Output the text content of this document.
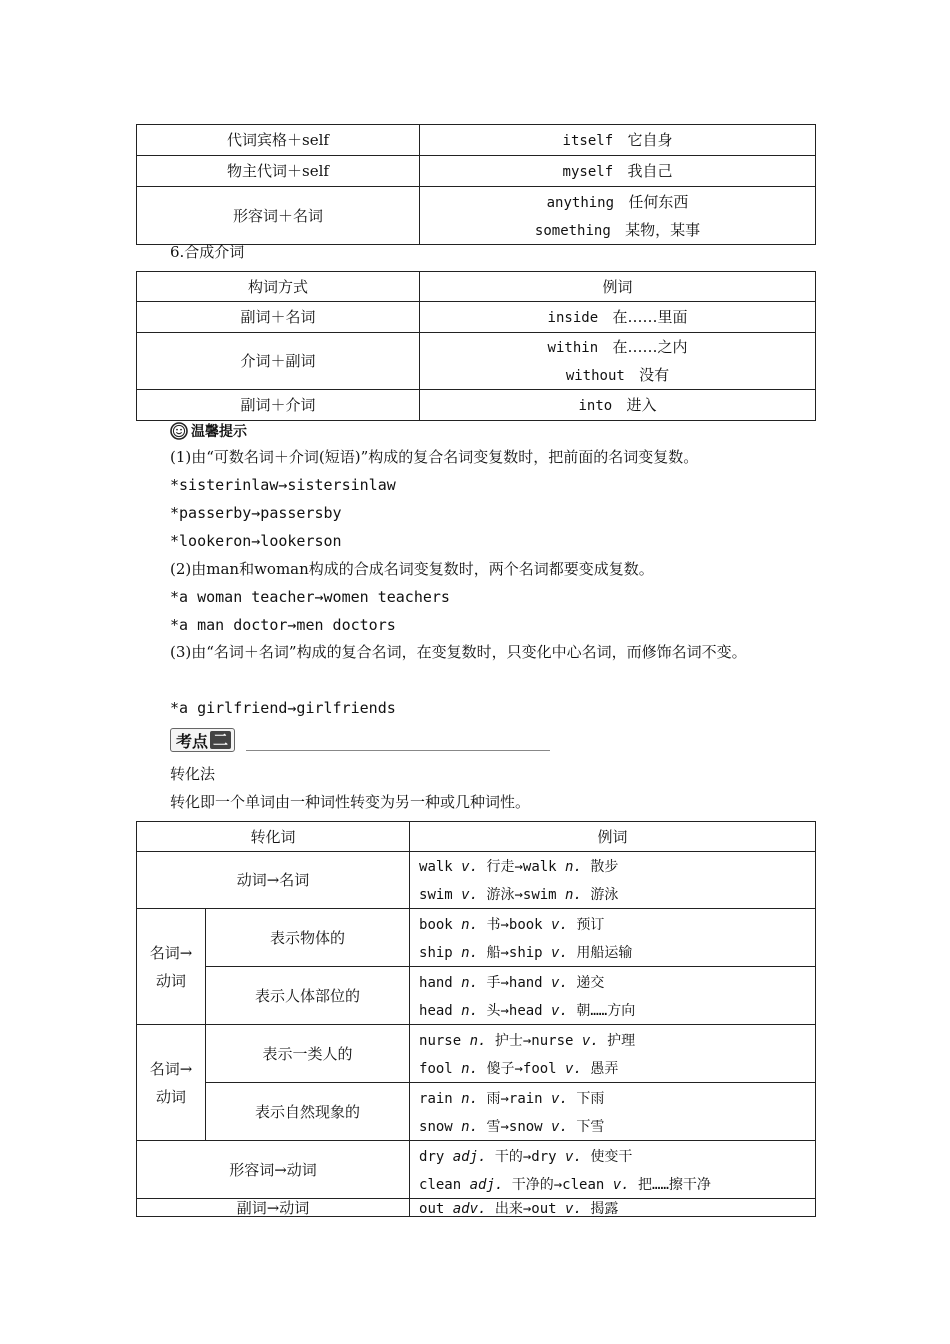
代词宾格＋self	itself 它自身

物主代词＋self	myself 我自己

形容词＋名词	anything 任何东西
something 某物，某事
6.合成介词
构词方式	例词
副词＋名词	inside 在……里面

介词＋副词	within 在……之内
without 没有

副词＋介词	into 进入
温馨提示
(1)由“可数名词＋介词(短语)”构成的复合名词变复数时，把前面的名词变复数。
*sisterinlaw→sistersinlaw
*passerby→passersby
*lookeron→lookerson
(2)由man和woman构成的合成名词变复数时，两个名词都要变成复数。
*a woman teacher→women teachers
*a man doctor→men doctors
(3)由“名词＋名词”构成的复合名词，在变复数时，只变化中心名词，而修饰名词不变。
*a girlfriend→girlfriends
考点 二
转化法
转化即一个单词由一种词性转变为另一种或几种词性。
转化词		例词
动词→名词		walk v. 行走→walk n. 散步
swim v. 游泳→swim n. 游泳

名词→动词	表示物体的	book n. 书→book v. 预订
ship n. 船→ship v. 用船运输

	表示人体部位的	hand n. 手→hand v. 递交
head n. 头→head v. 朝……方向

名词→动词	表示一类人的	nurse n. 护士→nurse v. 护理
fool n. 傻子→fool v. 愚弄

	表示自然现象的	rain n. 雨→rain v. 下雨
snow n. 雪→snow v. 下雪

形容词→动词		dry adj. 干的→dry v. 使变干
clean adj. 干净的→clean v. 把……擦干净

副词→动词		out adv. 出来→out v. 揭露
